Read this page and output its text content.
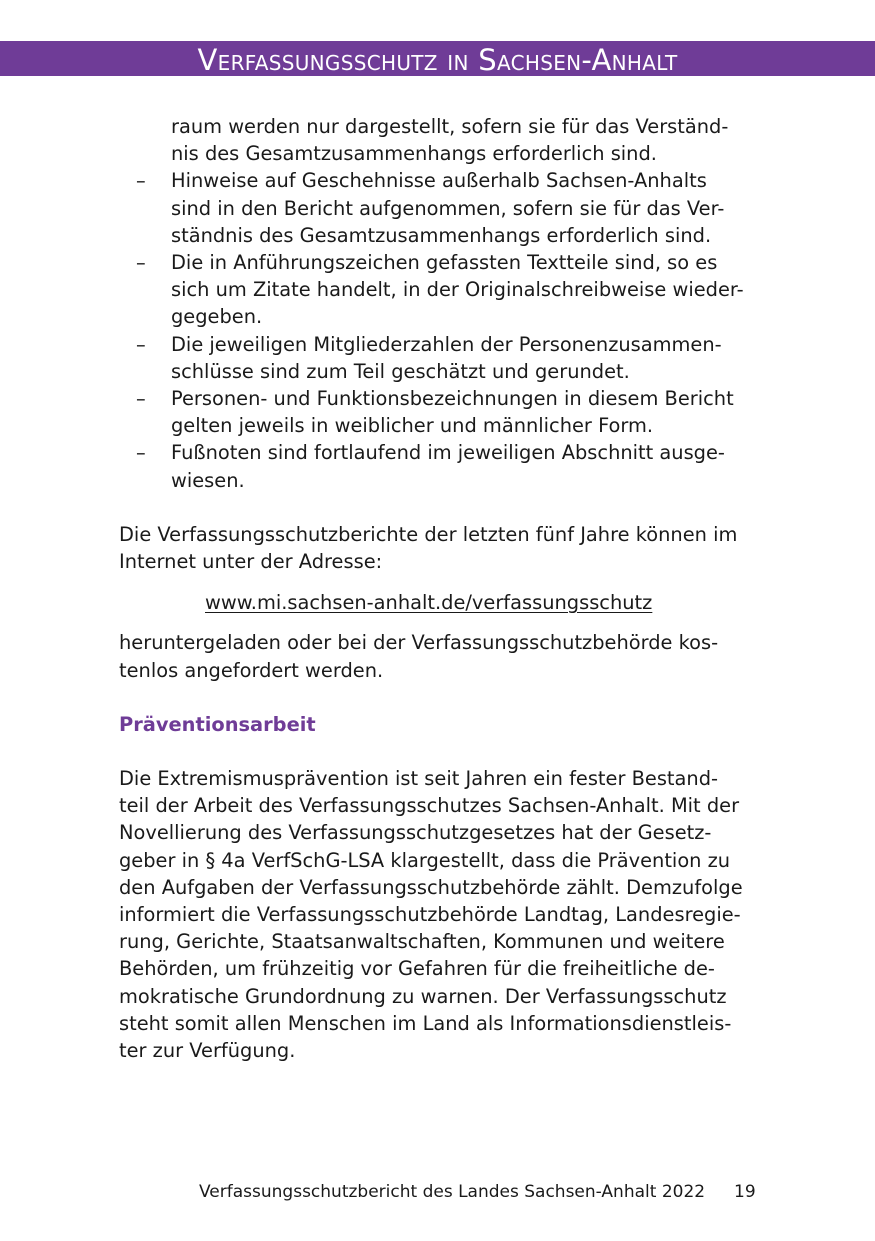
Verfassungsschutz in Sachsen-Anhalt
raum werden nur dargestellt, sofern sie für das Verständ-
nis des Gesamtzusammenhangs erforderlich sind.
– Hinweise auf Geschehnisse außerhalb Sachsen-Anhalts
sind in den Bericht aufgenommen, sofern sie für das Ver-
ständnis des Gesamtzusammenhangs erforderlich sind.
– Die in Anführungszeichen gefassten Textteile sind, so es
sich um Zitate handelt, in der Originalschreibweise wieder-
gegeben.
– Die jeweiligen Mitgliederzahlen der Personenzusammen-
schlüsse sind zum Teil geschätzt und gerundet.
– Personen- und Funktionsbezeichnungen in diesem Bericht
gelten jeweils in weiblicher und männlicher Form.
– Fußnoten sind fortlaufend im jeweiligen Abschnitt ausge-
wiesen.
Die Verfassungsschutzberichte der letzten fünf Jahre können im
Internet unter der Adresse:
www.mi.sachsen-anhalt.de/verfassungsschutz
heruntergeladen oder bei der Verfassungsschutzbehörde kos-
tenlos angefordert werden.
Präventionsarbeit
Die Extremismusprävention ist seit Jahren ein fester Bestand-
teil der Arbeit des Verfassungsschutzes Sachsen-Anhalt. Mit der
Novellierung des Verfassungsschutzgesetzes hat der Gesetz-
geber in § 4a VerfSchG-LSA klargestellt, dass die Prävention zu
den Aufgaben der Verfassungsschutzbehörde zählt. Demzufolge
informiert die Verfassungsschutzbehörde Landtag, Landesregie-
rung, Gerichte, Staatsanwaltschaften, Kommunen und weitere
Behörden, um frühzeitig vor Gefahren für die freiheitliche de-
mokratische Grundordnung zu warnen. Der Verfassungsschutz
steht somit allen Menschen im Land als Informationsdienstleis-
ter zur Verfügung.
Verfassungsschutzbericht des Landes Sachsen-Anhalt 2022 19
